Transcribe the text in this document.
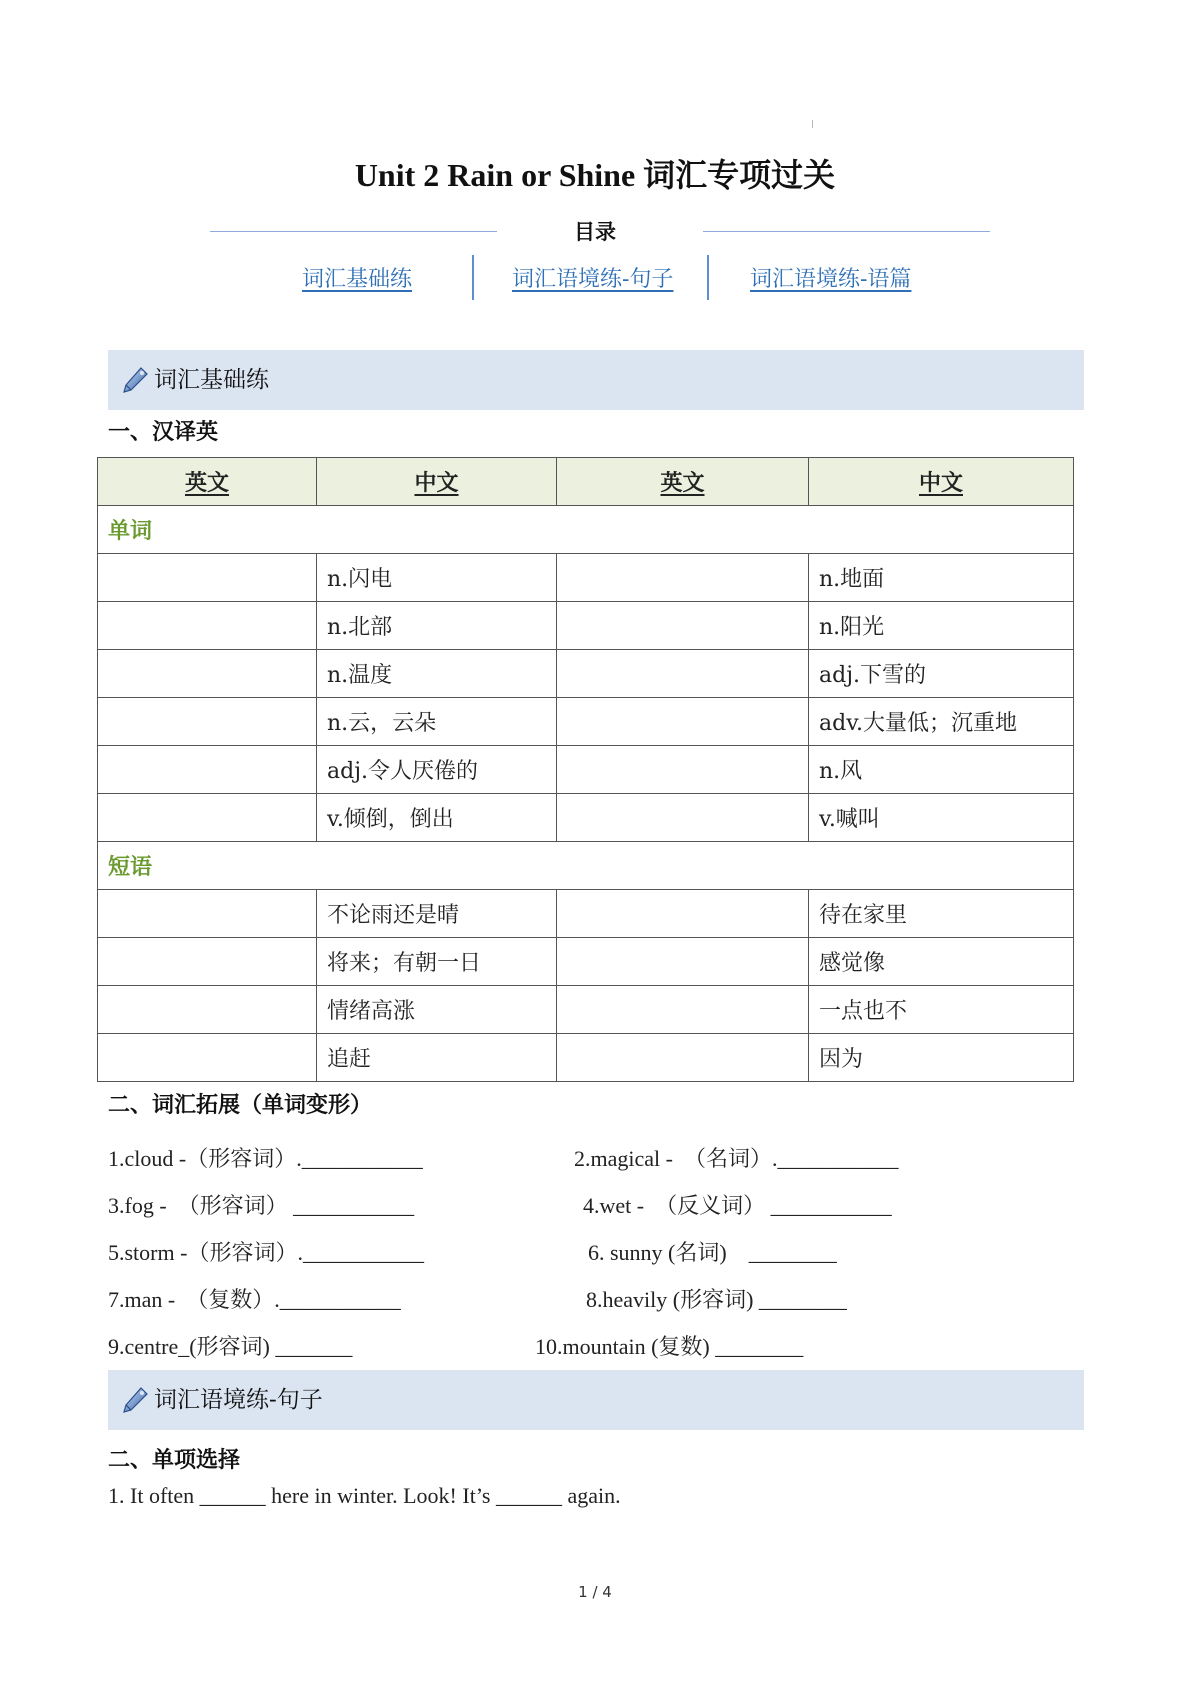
Unit 2 Rain or Shine 词汇专项过关
目录
词汇基础练	词汇语境练-句子	词汇语境练-语篇
词汇基础练
一、汉译英
英文	中文	英文	中文
单词			
	n.闪电		n.地面
	n.北部		n.阳光
	n.温度		adj.下雪的
	n.云，云朵		adv.大量低；沉重地
	adj.令人厌倦的		n.风
	v.倾倒，倒出		v.喊叫
短语			
	不论雨还是晴		待在家里
	将来；有朝一日		感觉像
	情绪高涨		一点也不
	追赶		因为
二、词汇拓展（单词变形）
1.cloud -（形容词）.___________	2.magical -  （名词）.___________
3.fog -  （形容词） ___________	4.wet -  （反义词） ___________
5.storm -（形容词）.___________	6. sunny (名词)    ________
7.man -  （复数）.___________	8.heavily (形容词) ________
9.centre_(形容词) _______	10.mountain (复数) ________
词汇语境练-句子
二、单项选择
1. It often ______ here in winter. Look! It’s ______ again.
1 / 4
